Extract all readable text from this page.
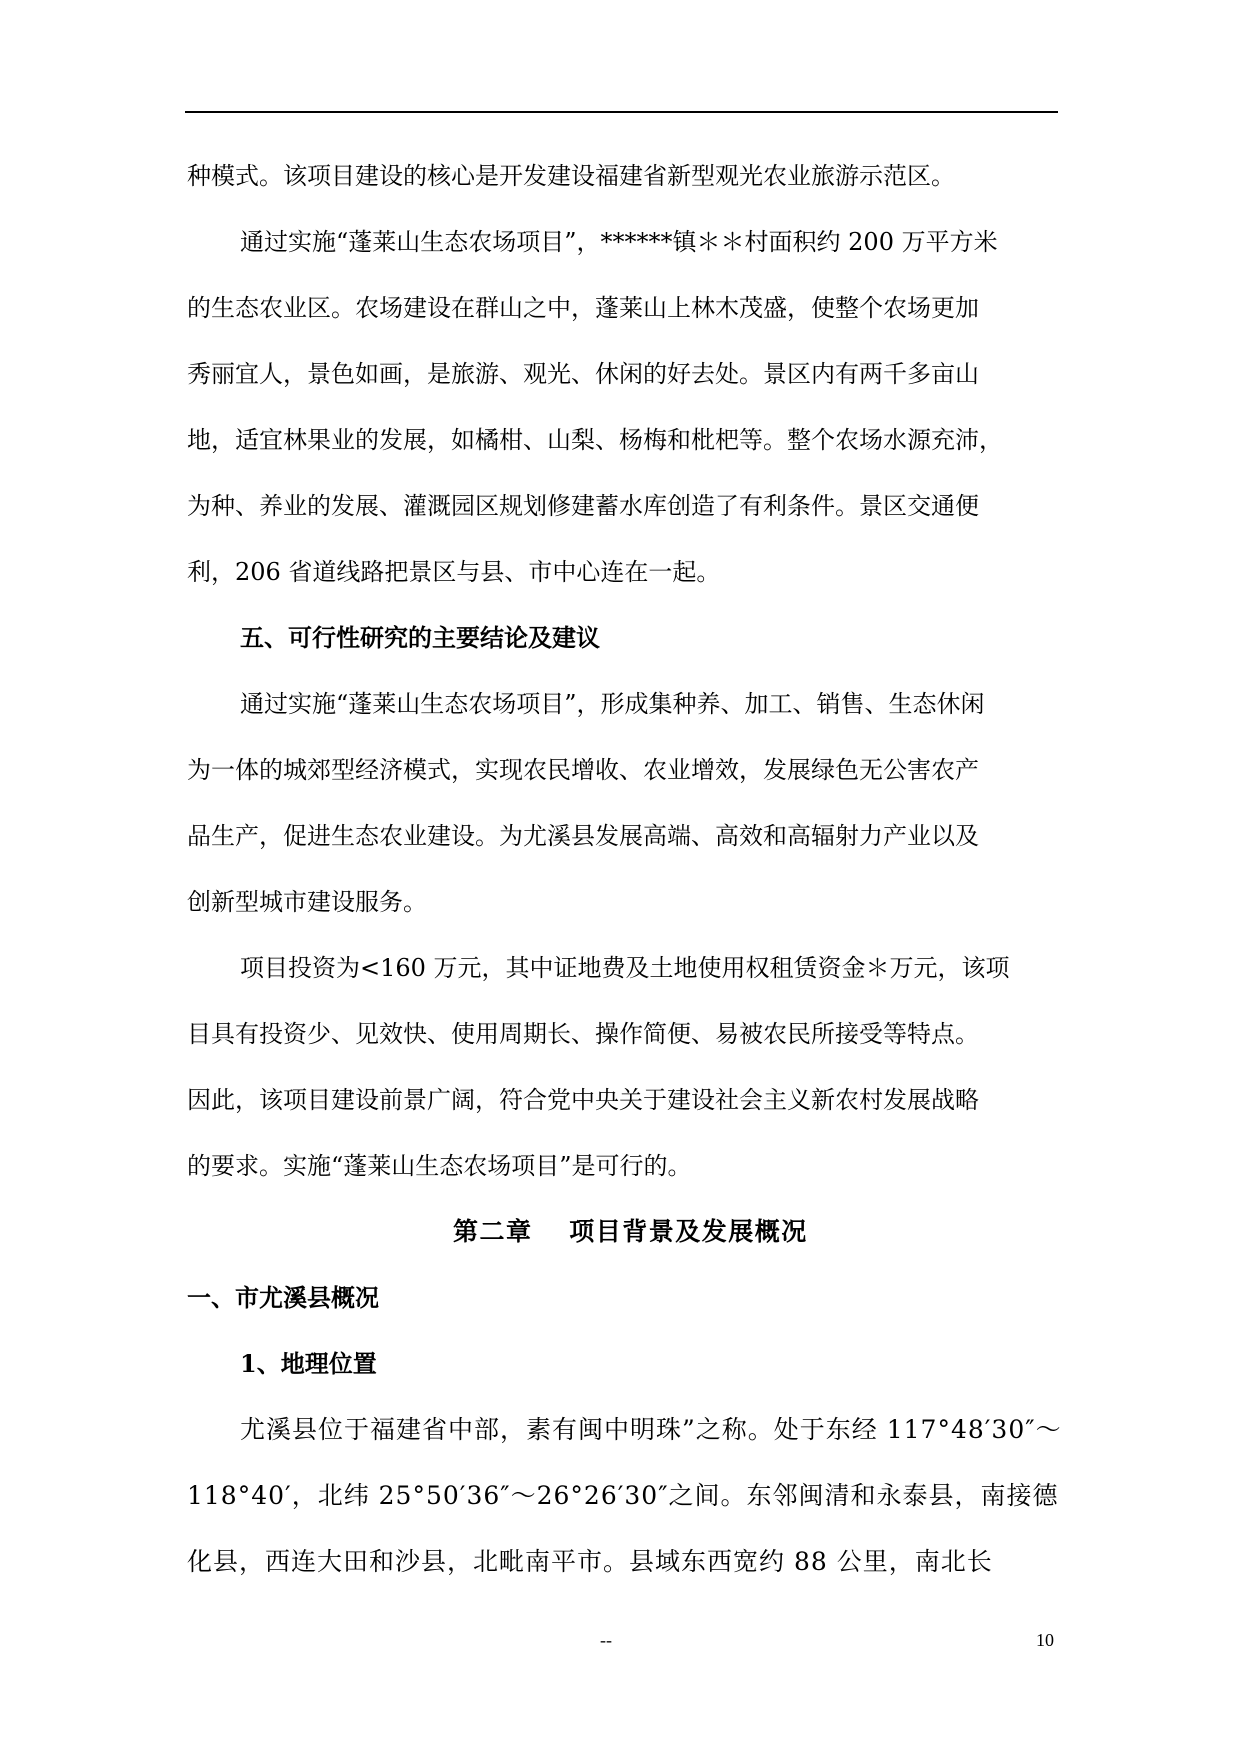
种模式。该项目建设的核心是开发建设福建省新型观光农业旅游示范区。
通过实施“蓬莱山生态农场项目”，******镇＊＊村面积约 200 万平方米
的生态农业区。农场建设在群山之中，蓬莱山上林木茂盛，使整个农场更加
秀丽宜人，景色如画，是旅游、观光、休闲的好去处。景区内有两千多亩山
地，适宜林果业的发展，如橘柑、山梨、杨梅和枇杷等。整个农场水源充沛，
为种、养业的发展、灌溉园区规划修建蓄水库创造了有利条件。景区交通便
利，206 省道线路把景区与县、市中心连在一起。
五、可行性研究的主要结论及建议
通过实施“蓬莱山生态农场项目”，形成集种养、加工、销售、生态休闲
为一体的城郊型经济模式，实现农民增收、农业增效，发展绿色无公害农产
品生产，促进生态农业建设。为尤溪县发展高端、高效和高辐射力产业以及
创新型城市建设服务。
项目投资为<160 万元，其中证地费及土地使用权租赁资金＊万元，该项
目具有投资少、见效快、使用周期长、操作简便、易被农民所接受等特点。
因此，该项目建设前景广阔，符合党中央关于建设社会主义新农村发展战略
的要求。实施“蓬莱山生态农场项目”是可行的。
第二章　 项目背景及发展概况
一、市尤溪县概况
1、地理位置
尤溪县位于福建省中部，素有闽中明珠”之称。处于东经 117°48′30″～
118°40′，北纬 25°50′36″～26°26′30″之间。东邻闽清和永泰县，南接德
化县，西连大田和沙县，北毗南平市。县域东西宽约 88 公里，南北长
--	10
